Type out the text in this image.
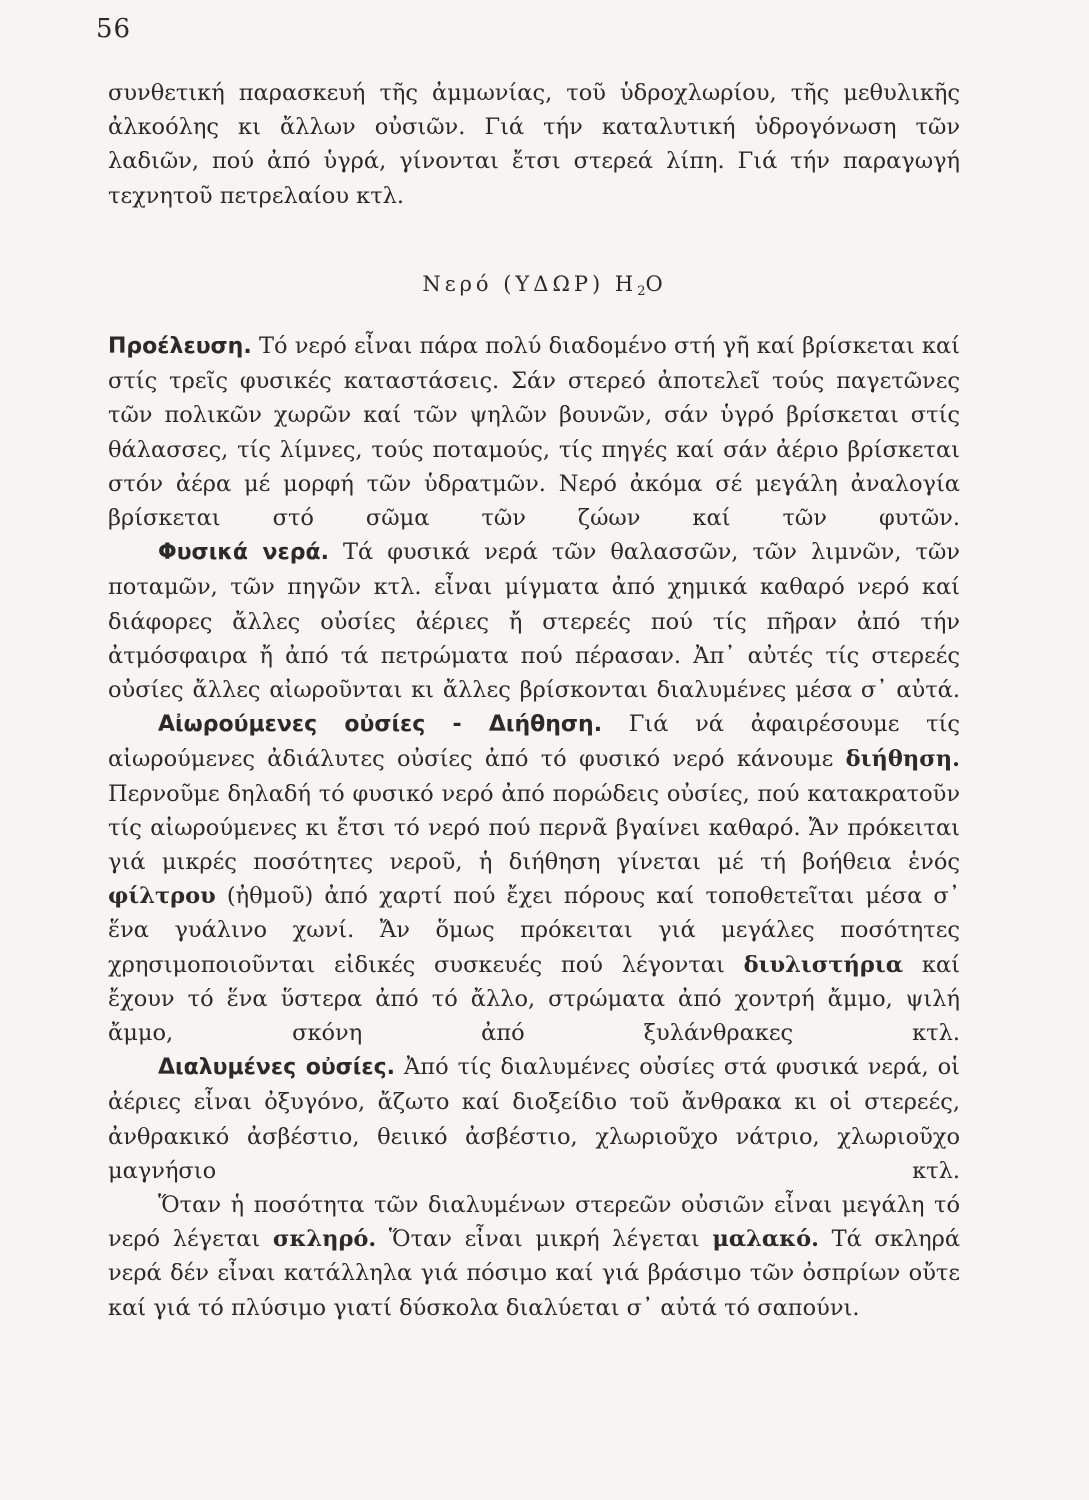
56

συνθετική παρασκευή τῆς ἀμμωνίας, τοῦ ὑδροχλωρίου, τῆς μεθυλικῆς ἀλκοόλης κι ἄλλων οὐσιῶν. Γιά τήν καταλυτική ὑδρογόνωση τῶν λαδιῶν, πού ἀπό ὑγρά, γίνονται ἔτσι στερεά λίπη. Γιά τήν παραγωγή τεχνητοῦ πετρελαίου κτλ.

Νερό (ΥΔΩΡ) $H_2O$

Προέλευση. Τό νερό εἶναι πάρα πολύ διαδομένο στή γῆ καί βρίσκεται καί στίς τρεῖς φυσικές καταστάσεις. Σάν στερεό ἀποτελεῖ τούς παγετῶνες τῶν πολικῶν χωρῶν καί τῶν ψηλῶν βουνῶν, σάν ὑγρό βρίσκεται στίς θάλασσες, τίς λίμνες, τούς ποταμούς, τίς πηγές καί σάν ἀέριο βρίσκεται στόν ἀέρα μέ μορφή τῶν ὑδρατμῶν. Νερό ἀκόμα σέ μεγάλη ἀναλογία βρίσκεται στό σῶμα τῶν ζώων καί τῶν φυτῶν.

Φυσικά νερά. Τά φυσικά νερά τῶν θαλασσῶν, τῶν λιμνῶν, τῶν ποταμῶν, τῶν πηγῶν κτλ. εἶναι μίγματα ἀπό χημικά καθαρό νερό καί διάφορες ἄλλες οὐσίες ἀέριες ἤ στερεές πού τίς πῆραν ἀπό τήν ἀτμόσφαιρα ἤ ἀπό τά πετρώματα πού πέρασαν. Ἀπ᾽ αὐτές τίς στερεές οὐσίες ἄλλες αἰωροῦνται κι ἄλλες βρίσκονται διαλυμένες μέσα σ᾽ αὐτά.

Αἰωρούμενες οὐσίες - Διήθηση. Γιά νά ἀφαιρέσουμε τίς αἰωρούμενες ἀδιάλυτες οὐσίες ἀπό τό φυσικό νερό κάνουμε διήθηση. Περνοῦμε δηλαδή τό φυσικό νερό ἀπό πορώδεις οὐσίες, πού κατακρατοῦν τίς αἰωρούμενες κι ἔτσι τό νερό πού περνᾶ βγαίνει καθαρό. Ἄν πρόκειται γιά μικρές ποσότητες νεροῦ, ἡ διήθηση γίνεται μέ τή βοήθεια ἑνός φίλτρου (ἠθμοῦ) ἀπό χαρτί πού ἔχει πόρους καί τοποθετεῖται μέσα σ᾽ ἕνα γυάλινο χωνί. Ἄν ὅμως πρόκειται γιά μεγάλες ποσότητες χρησιμοποιοῦνται εἰδικές συσκευές πού λέγονται διυλιστήρια καί ἔχουν τό ἕνα ὕστερα ἀπό τό ἄλλο, στρώματα ἀπό χοντρή ἄμμο, ψιλή ἄμμο, σκόνη ἀπό ξυλάνθρακες κτλ.

Διαλυμένες οὐσίες. Ἀπό τίς διαλυμένες οὐσίες στά φυσικά νερά, οἱ ἀέριες εἶναι ὀξυγόνο, ἄζωτο καί διοξείδιο τοῦ ἄνθρακα κι οἱ στερεές, ἀνθρακικό ἀσβέστιο, θειικό ἀσβέστιο, χλωριοῦχο νάτριο, χλωριοῦχο μαγνήσιο κτλ.

Ὅταν ἡ ποσότητα τῶν διαλυμένων στερεῶν οὐσιῶν εἶναι μεγάλη τό νερό λέγεται σκληρό. Ὅταν εἶναι μικρή λέγεται μαλακό. Τά σκληρά νερά δέν εἶναι κατάλληλα γιά πόσιμο καί γιά βράσιμο τῶν ὀσπρίων οὔτε καί γιά τό πλύσιμο γιατί δύσκολα διαλύεται σ᾽ αὐτά τό σαπούνι.
